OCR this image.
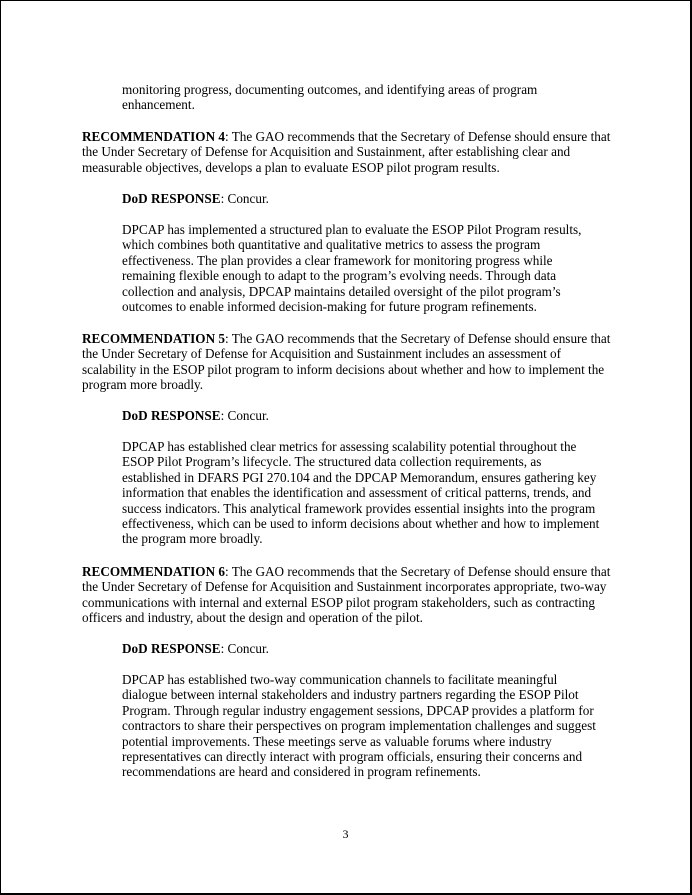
monitoring progress, documenting outcomes, and identifying areas of program enhancement.

RECOMMENDATION 4: The GAO recommends that the Secretary of Defense should ensure that the Under Secretary of Defense for Acquisition and Sustainment, after establishing clear and measurable objectives, develops a plan to evaluate ESOP pilot program results.

DoD RESPONSE: Concur.

DPCAP has implemented a structured plan to evaluate the ESOP Pilot Program results, which combines both quantitative and qualitative metrics to assess the program effectiveness. The plan provides a clear framework for monitoring progress while remaining flexible enough to adapt to the program’s evolving needs. Through data collection and analysis, DPCAP maintains detailed oversight of the pilot program’s outcomes to enable informed decision-making for future program refinements.

RECOMMENDATION 5: The GAO recommends that the Secretary of Defense should ensure that the Under Secretary of Defense for Acquisition and Sustainment includes an assessment of scalability in the ESOP pilot program to inform decisions about whether and how to implement the program more broadly.

DoD RESPONSE: Concur.

DPCAP has established clear metrics for assessing scalability potential throughout the ESOP Pilot Program’s lifecycle. The structured data collection requirements, as established in DFARS PGI 270.104 and the DPCAP Memorandum, ensures gathering key information that enables the identification and assessment of critical patterns, trends, and success indicators. This analytical framework provides essential insights into the program effectiveness, which can be used to inform decisions about whether and how to implement the program more broadly.

RECOMMENDATION 6: The GAO recommends that the Secretary of Defense should ensure that the Under Secretary of Defense for Acquisition and Sustainment incorporates appropriate, two-way communications with internal and external ESOP pilot program stakeholders, such as contracting officers and industry, about the design and operation of the pilot.

DoD RESPONSE: Concur.

DPCAP has established two-way communication channels to facilitate meaningful dialogue between internal stakeholders and industry partners regarding the ESOP Pilot Program. Through regular industry engagement sessions, DPCAP provides a platform for contractors to share their perspectives on program implementation challenges and suggest potential improvements. These meetings serve as valuable forums where industry representatives can directly interact with program officials, ensuring their concerns and recommendations are heard and considered in program refinements.

3
